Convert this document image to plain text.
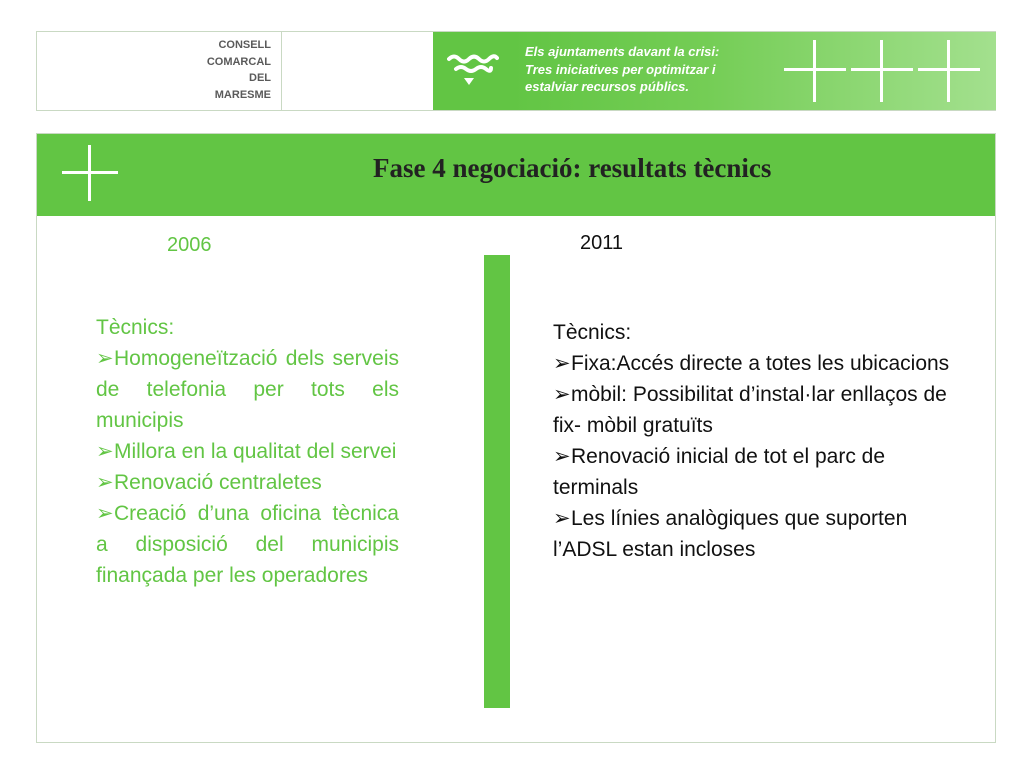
CONSELL
COMARCAL
DEL
MARESME
Els ajuntaments davant la crisi:
Tres iniciatives per optimitzar i
estalviar recursos públics.
Fase 4 negociació: resultats tècnics
2006	2011
Tècnics:
➢Homogeneïtzació dels serveis de telefonia per tots els municipis
➢Millora en la qualitat del servei
➢Renovació centraletes
➢Creació d’una oficina tècnica a disposició del municipis finançada per les operadores
Tècnics:
➢Fixa:Accés directe a totes les ubicacions
➢mòbil: Possibilitat d’instal·lar enllaços de fix- mòbil gratuïts
➢Renovació inicial de tot el parc de terminals
➢Les línies analògiques que suporten l’ADSL estan incloses
